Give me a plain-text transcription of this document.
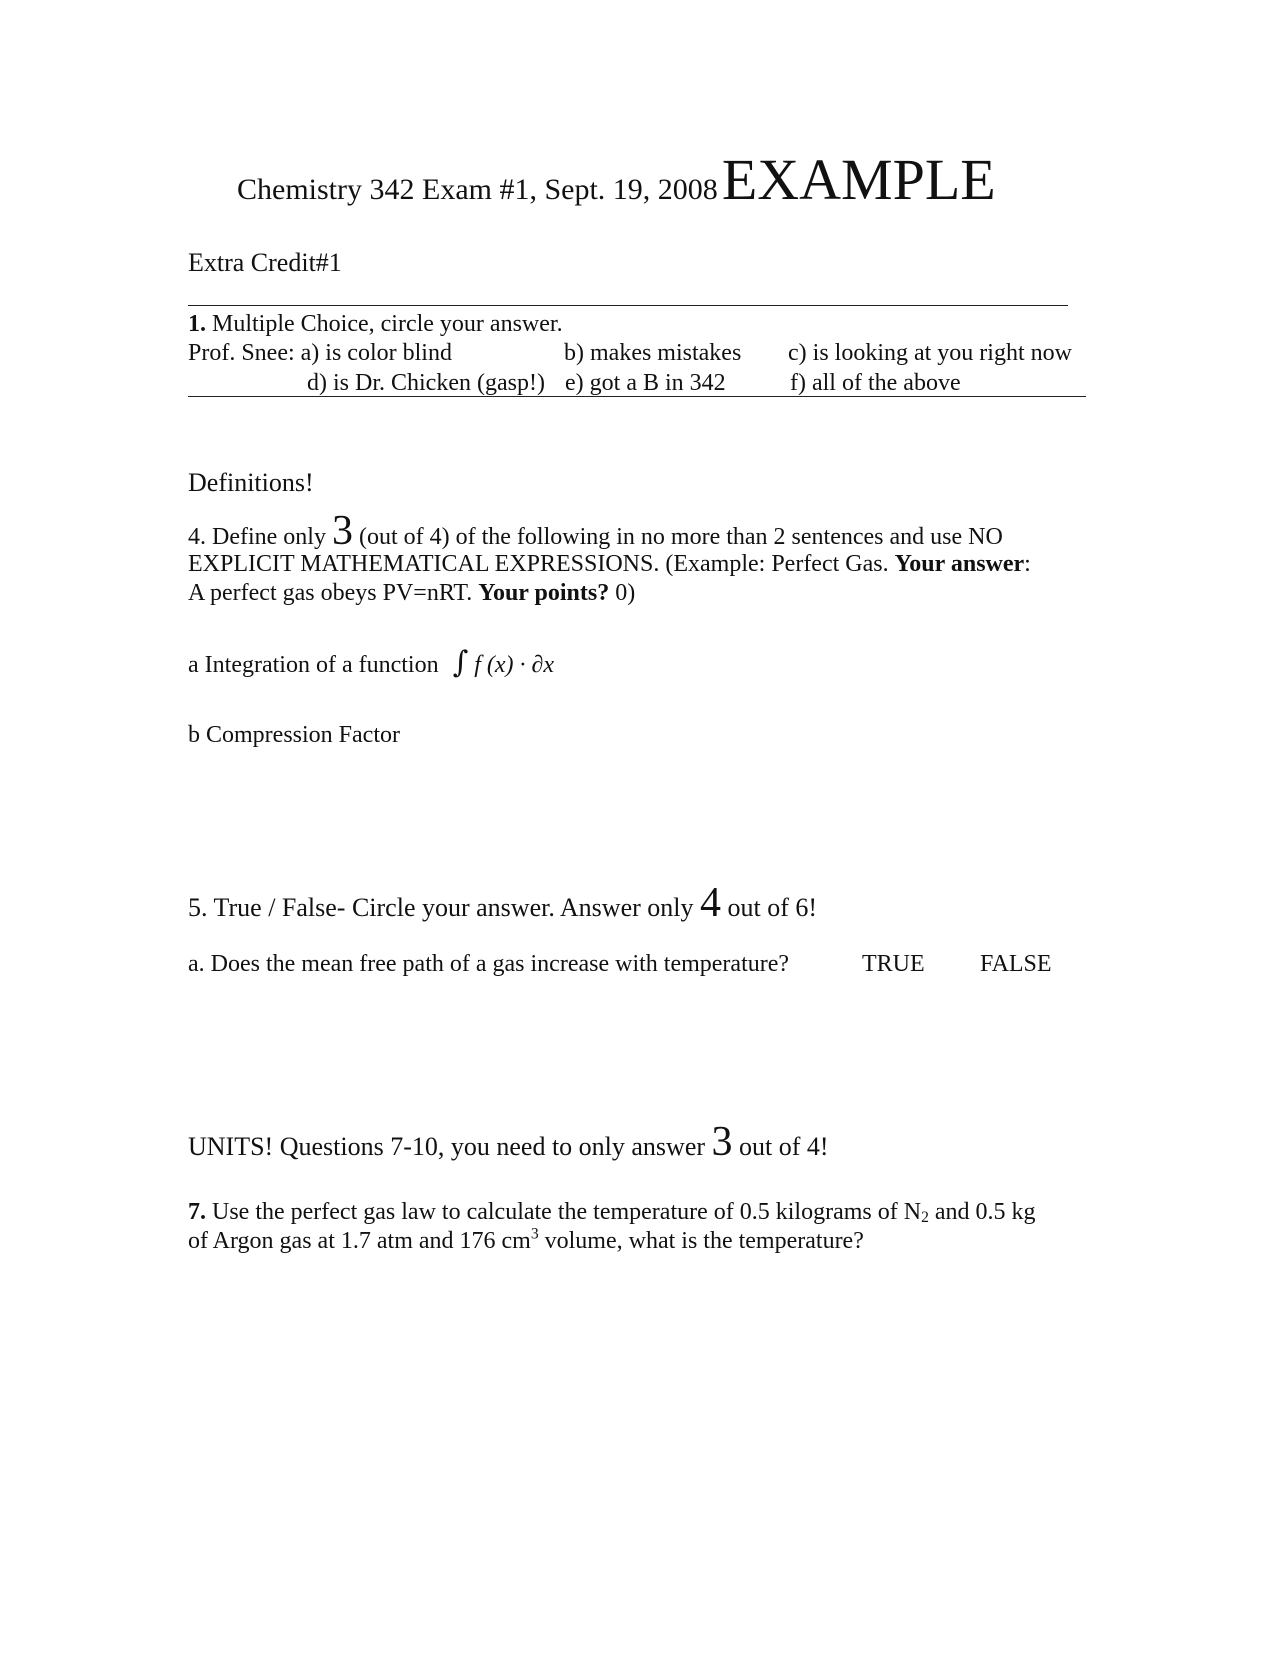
Chemistry 342 Exam #1, Sept. 19, 2008 EXAMPLE
Extra Credit#1
1. Multiple Choice, circle your answer.
Prof. Snee: a) is color blind	b) makes mistakes c) is looking at you right now
d) is Dr. Chicken (gasp!) e) got a B in 342	f) all of the above
Definitions!
4. Define only 3 (out of 4) of the following in no more than 2 sentences and use NO
EXPLICIT MATHEMATICAL EXPRESSIONS. (Example: Perfect Gas. Your answer:
A perfect gas obeys PV=nRT. Your points? 0)
a Integration of a function ∫ f (x) · ∂x
b Compression Factor
5. True / False- Circle your answer. Answer only 4 out of 6!
a. Does the mean free path of a gas increase with temperature?	TRUE FALSE
UNITS! Questions 7-10, you need to only answer 3 out of 4!
7. Use the perfect gas law to calculate the temperature of 0.5 kilograms of $N_2$ and 0.5 kg
of Argon gas at 1.7 atm and 176 $cm^3$ volume, what is the temperature?
